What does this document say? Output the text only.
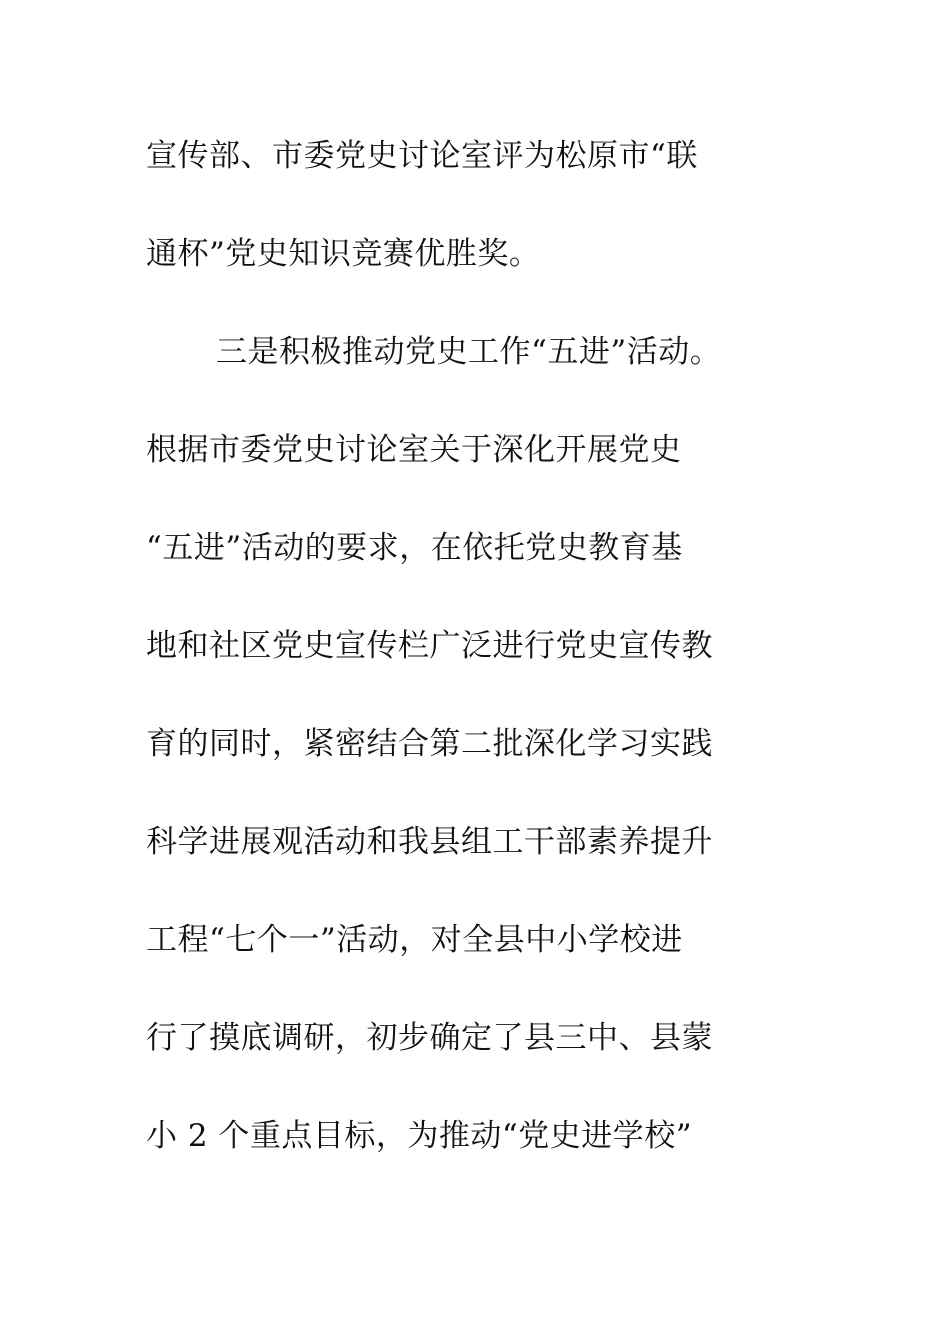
宣传部、市委党史讨论室评为松原市“联
通杯”党史知识竞赛优胜奖。
三是积极推动党史工作“五进”活动。
根据市委党史讨论室关于深化开展党史
“五进”活动的要求，在依托党史教育基
地和社区党史宣传栏广泛进行党史宣传教
育的同时，紧密结合第二批深化学习实践
科学进展观活动和我县组工干部素养提升
工程“七个一”活动，对全县中小学校进
行了摸底调研，初步确定了县三中、县蒙
小 2 个重点目标，为推动“党史进学校”
